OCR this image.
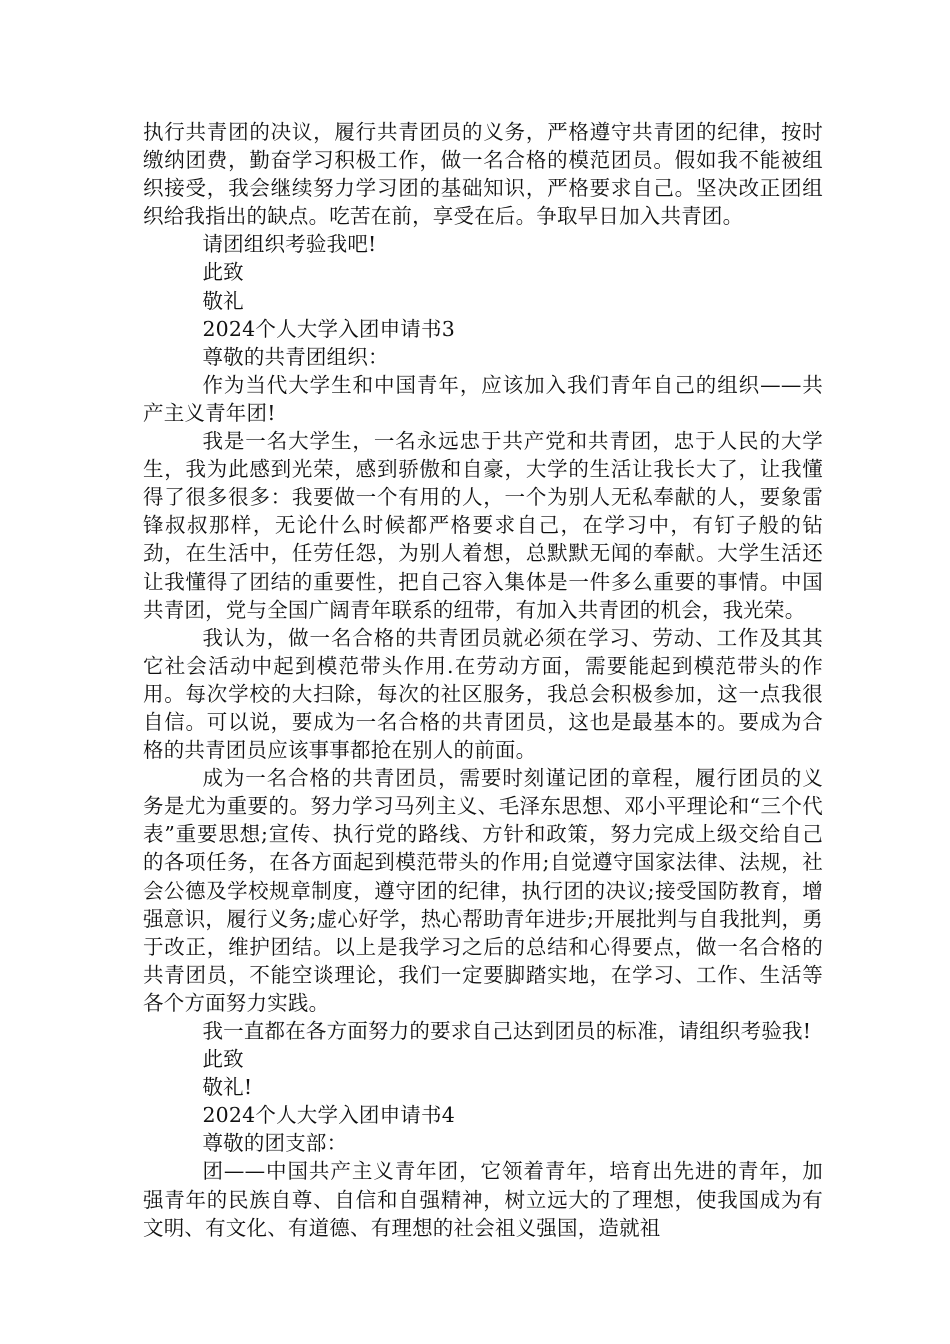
执行共青团的决议，履行共青团员的义务，严格遵守共青团的纪律，按时缴纳团费，勤奋学习积极工作，做一名合格的模范团员。假如我不能被组织接受，我会继续努力学习团的基础知识，严格要求自己。坚决改正团组织给我指出的缺点。吃苦在前，享受在后。争取早日加入共青团。

请团组织考验我吧!

此致

敬礼

2024个人大学入团申请书3

尊敬的共青团组织：

作为当代大学生和中国青年，应该加入我们青年自己的组织——共产主义青年团!

我是一名大学生，一名永远忠于共产党和共青团，忠于人民的大学生，我为此感到光荣，感到骄傲和自豪，大学的生活让我长大了，让我懂得了很多很多：我要做一个有用的人，一个为别人无私奉献的人，要象雷锋叔叔那样，无论什么时候都严格要求自己，在学习中，有钉子般的钻劲，在生活中，任劳任怨，为别人着想，总默默无闻的奉献。大学生活还让我懂得了团结的重要性，把自己容入集体是一件多么重要的事情。中国共青团，党与全国广阔青年联系的纽带，有加入共青团的机会，我光荣。

我认为，做一名合格的共青团员就必须在学习、劳动、工作及其其它社会活动中起到模范带头作用.在劳动方面，需要能起到模范带头的作用。每次学校的大扫除，每次的社区服务，我总会积极参加，这一点我很自信。可以说，要成为一名合格的共青团员，这也是最基本的。要成为合格的共青团员应该事事都抢在别人的前面。

成为一名合格的共青团员，需要时刻谨记团的章程，履行团员的义务是尤为重要的。努力学习马列主义、毛泽东思想、邓小平理论和“三个代表”重要思想;宣传、执行党的路线、方针和政策，努力完成上级交给自己的各项任务，在各方面起到模范带头的作用;自觉遵守国家法律、法规，社会公德及学校规章制度，遵守团的纪律，执行团的决议;接受国防教育，增强意识，履行义务;虚心好学，热心帮助青年进步;开展批判与自我批判，勇于改正，维护团结。以上是我学习之后的总结和心得要点，做一名合格的共青团员，不能空谈理论，我们一定要脚踏实地，在学习、工作、生活等各个方面努力实践。

我一直都在各方面努力的要求自己达到团员的标准，请组织考验我!

此致

敬礼!

2024个人大学入团申请书4

尊敬的团支部：

团——中国共产主义青年团，它领着青年，培育出先进的青年，加强青年的民族自尊、自信和自强精神，树立远大的了理想，使我国成为有文明、有文化、有道德、有理想的社会祖义强国，造就祖
